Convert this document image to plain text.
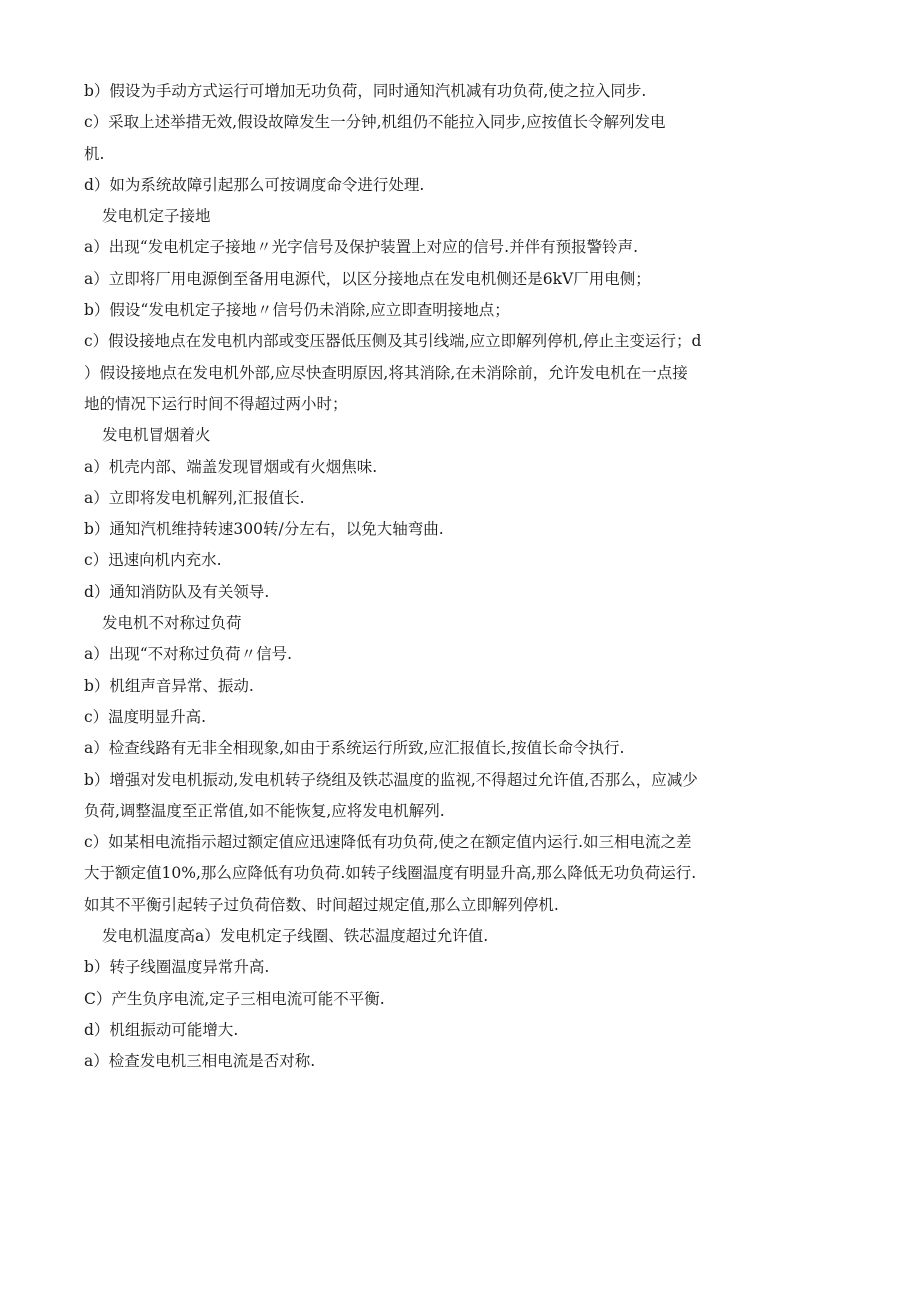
b）假设为手动方式运行可增加无功负荷，同时通知汽机减有功负荷,使之拉入同步.
c）采取上述举措无效,假设故障发生一分钟,机组仍不能拉入同步,应按值长令解列发电
机.
d）如为系统故障引起那么可按调度命令进行处理.
发电机定子接地
a）出现“发电机定子接地〃光字信号及保护装置上对应的信号.并伴有预报警铃声.
a）立即将厂用电源倒至备用电源代，以区分接地点在发电机侧还是6kV厂用电侧；
b）假设“发电机定子接地〃信号仍未消除,应立即查明接地点；
c）假设接地点在发电机内部或变压器低压侧及其引线端,应立即解列停机,停止主变运行；d
）假设接地点在发电机外部,应尽快查明原因,将其消除,在未消除前，允许发电机在一点接
地的情况下运行时间不得超过两小时；
发电机冒烟着火
a）机壳内部、端盖发现冒烟或有火烟焦味.
a）立即将发电机解列,汇报值长.
b）通知汽机维持转速300转/分左右，以免大轴弯曲.
c）迅速向机内充水.
d）通知消防队及有关领导.
发电机不对称过负荷
a）出现“不对称过负荷〃信号.
b）机组声音异常、振动.
c）温度明显升高.
a）检查线路有无非全相现象,如由于系统运行所致,应汇报值长,按值长命令执行.
b）增强对发电机振动,发电机转子绕组及铁芯温度的监视,不得超过允许值,否那么，应减少
负荷,调整温度至正常值,如不能恢复,应将发电机解列.
c）如某相电流指示超过额定值应迅速降低有功负荷,使之在额定值内运行.如三相电流之差
大于额定值10%,那么应降低有功负荷.如转子线圈温度有明显升高,那么降低无功负荷运行.
如其不平衡引起转子过负荷倍数、时间超过规定值,那么立即解列停机.
发电机温度高a）发电机定子线圈、铁芯温度超过允许值.
b）转子线圈温度异常升高.
C）产生负序电流,定子三相电流可能不平衡.
d）机组振动可能增大.
a）检查发电机三相电流是否对称.
